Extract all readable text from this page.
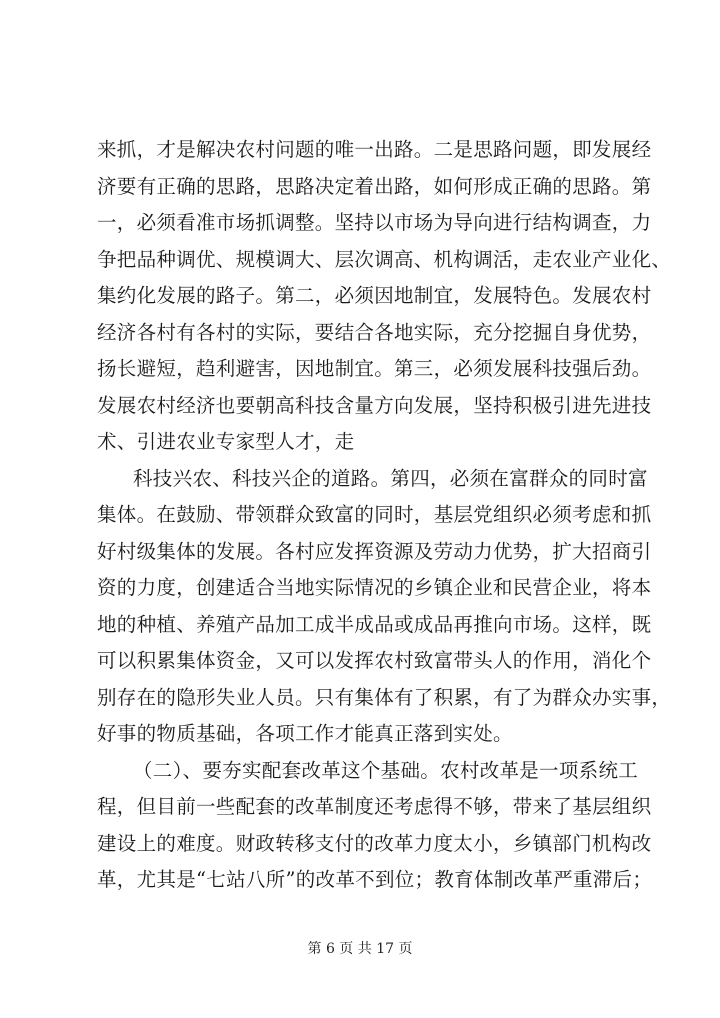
来抓，才是解决农村问题的唯一出路。二是思路问题，即发展经
济要有正确的思路，思路决定着出路，如何形成正确的思路。第
一，必须看准市场抓调整。坚持以市场为导向进行结构调查，力
争把品种调优、规模调大、层次调高、机构调活，走农业产业化、
集约化发展的路子。第二，必须因地制宜，发展特色。发展农村
经济各村有各村的实际，要结合各地实际，充分挖掘自身优势，
扬长避短，趋利避害，因地制宜。第三，必须发展科技强后劲。
发展农村经济也要朝高科技含量方向发展，坚持积极引进先进技
术、引进农业专家型人才，走
科技兴农、科技兴企的道路。第四，必须在富群众的同时富
集体。在鼓励、带领群众致富的同时，基层党组织必须考虑和抓
好村级集体的发展。各村应发挥资源及劳动力优势，扩大招商引
资的力度，创建适合当地实际情况的乡镇企业和民营企业，将本
地的种植、养殖产品加工成半成品或成品再推向市场。这样，既
可以积累集体资金，又可以发挥农村致富带头人的作用，消化个
别存在的隐形失业人员。只有集体有了积累，有了为群众办实事，
好事的物质基础，各项工作才能真正落到实处。
（二）、要夯实配套改革这个基础。农村改革是一项系统工
程，但目前一些配套的改革制度还考虑得不够，带来了基层组织
建设上的难度。财政转移支付的改革力度太小，乡镇部门机构改
革，尤其是“七站八所”的改革不到位；教育体制改革严重滞后；
第 6 页 共 17 页
